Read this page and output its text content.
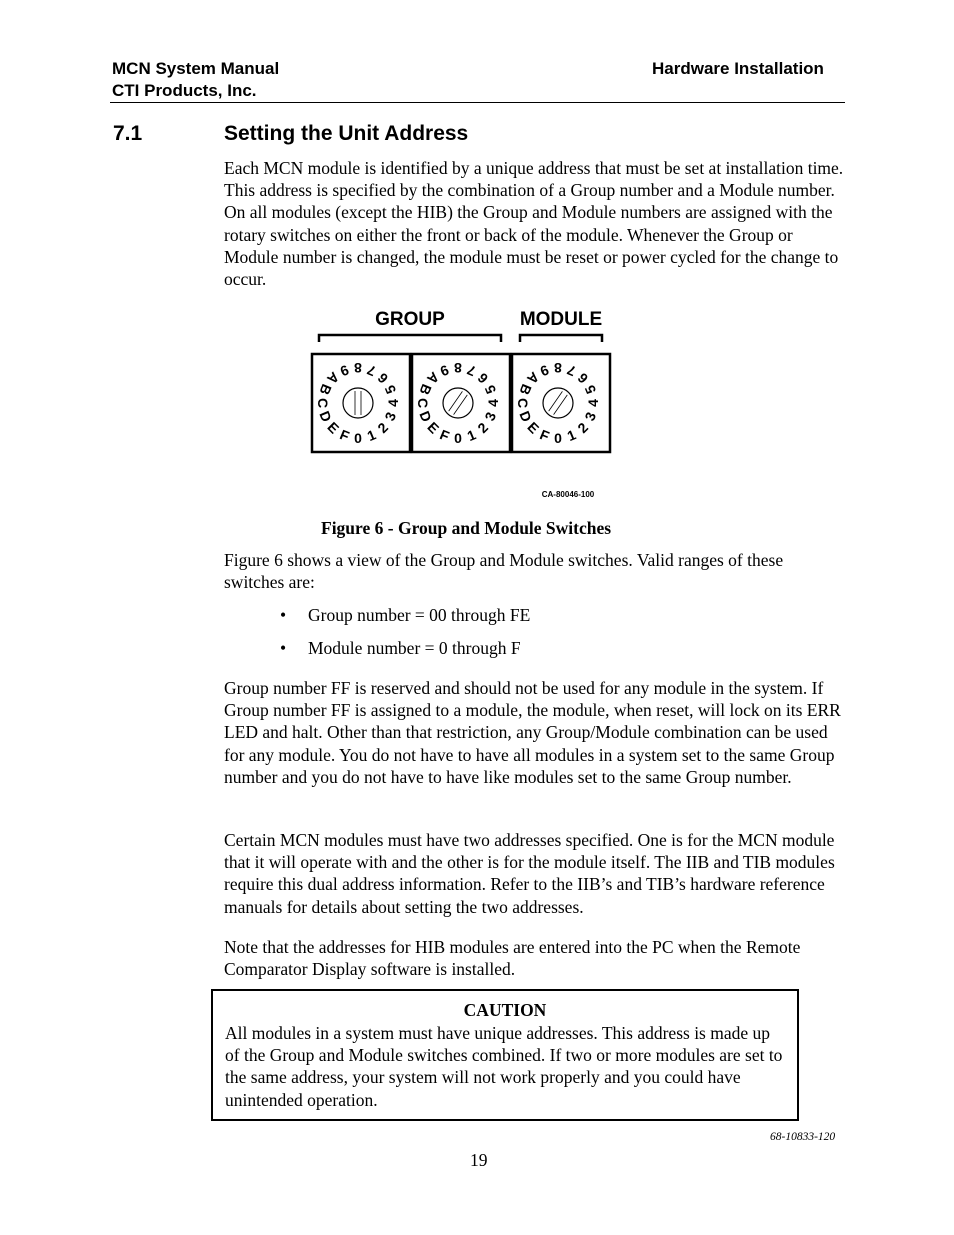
MCN System Manual
CTI Products, Inc.
Hardware Installation
7.1	Setting the Unit Address
Each MCN module is identified by a unique address that must be set at installation time. This address is specified by the combination of a Group number and a Module number. On all modules (except the HIB) the Group and Module numbers are assigned with the rotary switches on either the front or back of the module. Whenever the Group or Module number is changed, the module must be reset or power cycled for the change to occur.
GROUP	MODULE
0 1
2
3
4
5
6
7
8
9
A
B
C
D
E
F	0 1
2
3
4
5
6
7
8
9
A
B
C
D
E
F	0 1
2
3
4
5
6
7
8
9
A
B
C
D
E
F
CA-80046-100
Figure 6 - Group and Module Switches
Figure 6 shows a view of the Group and Module switches. Valid ranges of these switches are:
• Group number = 00 through FE
• Module number = 0 through F
Group number FF is reserved and should not be used for any module in the system. If Group number FF is assigned to a module, the module, when reset, will lock on its ERR LED and halt. Other than that restriction, any Group/Module combination can be used for any module. You do not have to have all modules in a system set to the same Group number and you do not have to have like modules set to the same Group number.
Certain MCN modules must have two addresses specified. One is for the MCN module that it will operate with and the other is for the module itself. The IIB and TIB modules require this dual address information. Refer to the IIB’s and TIB’s hardware reference manuals for details about setting the two addresses.
Note that the addresses for HIB modules are entered into the PC when the Remote Comparator Display software is installed.
CAUTION
All modules in a system must have unique addresses. This address is made up of the Group and Module switches combined. If two or more modules are set to the same address, your system will not work properly and you could have unintended operation.
68-10833-120
19
